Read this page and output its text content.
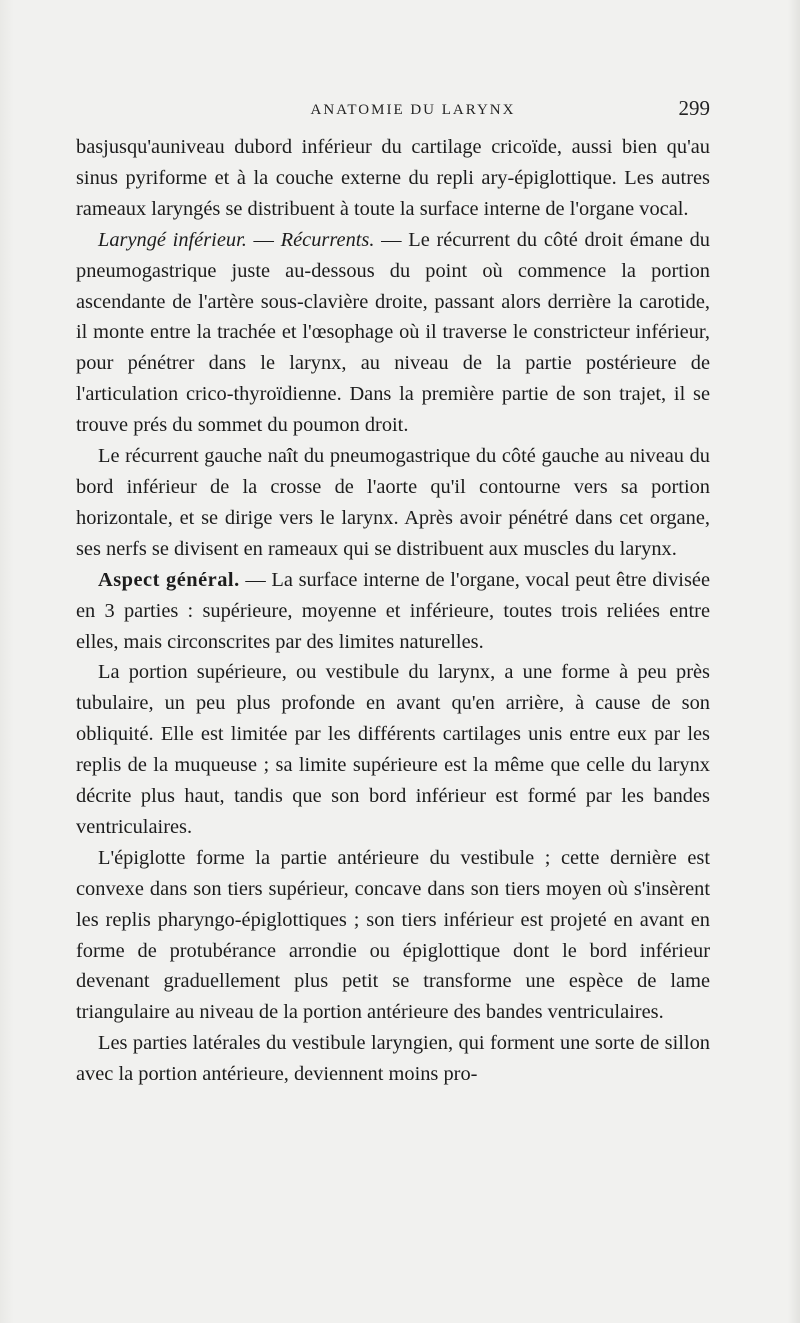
ANATOMIE DU LARYNX	299

basjusqu'auniveau dubord inférieur du cartilage cricoïde, aussi bien qu'au sinus pyriforme et à la couche externe du repli ary-épiglottique. Les autres rameaux laryngés se distribuent à toute la surface interne de l'organe vocal.

Laryngé inférieur. — Récurrents. — Le récurrent du côté droit émane du pneumogastrique juste au-dessous du point où commence la portion ascendante de l'artère sous-clavière droite, passant alors derrière la carotide, il monte entre la trachée et l'œsophage où il traverse le constricteur inférieur, pour pénétrer dans le larynx, au niveau de la partie postérieure de l'articulation crico-thyroïdienne. Dans la première partie de son trajet, il se trouve prés du sommet du poumon droit.

Le récurrent gauche naît du pneumogastrique du côté gauche au niveau du bord inférieur de la crosse de l'aorte qu'il contourne vers sa portion horizontale, et se dirige vers le larynx. Après avoir pénétré dans cet organe, ses nerfs se divisent en rameaux qui se distribuent aux muscles du larynx.

Aspect général. — La surface interne de l'organe, vocal peut être divisée en 3 parties : supérieure, moyenne et inférieure, toutes trois reliées entre elles, mais circonscrites par des limites naturelles.

La portion supérieure, ou vestibule du larynx, a une forme à peu près tubulaire, un peu plus profonde en avant qu'en arrière, à cause de son obliquité. Elle est limitée par les différents cartilages unis entre eux par les replis de la muqueuse ; sa limite supérieure est la même que celle du larynx décrite plus haut, tandis que son bord inférieur est formé par les bandes ventriculaires.

L'épiglotte forme la partie antérieure du vestibule ; cette dernière est convexe dans son tiers supérieur, concave dans son tiers moyen où s'insèrent les replis pharyngo-épiglottiques ; son tiers inférieur est projeté en avant en forme de protubérance arrondie ou épiglottique dont le bord inférieur devenant graduellement plus petit se transforme une espèce de lame triangulaire au niveau de la portion antérieure des bandes ventriculaires.

Les parties latérales du vestibule laryngien, qui forment une sorte de sillon avec la portion antérieure, deviennent moins pro-
